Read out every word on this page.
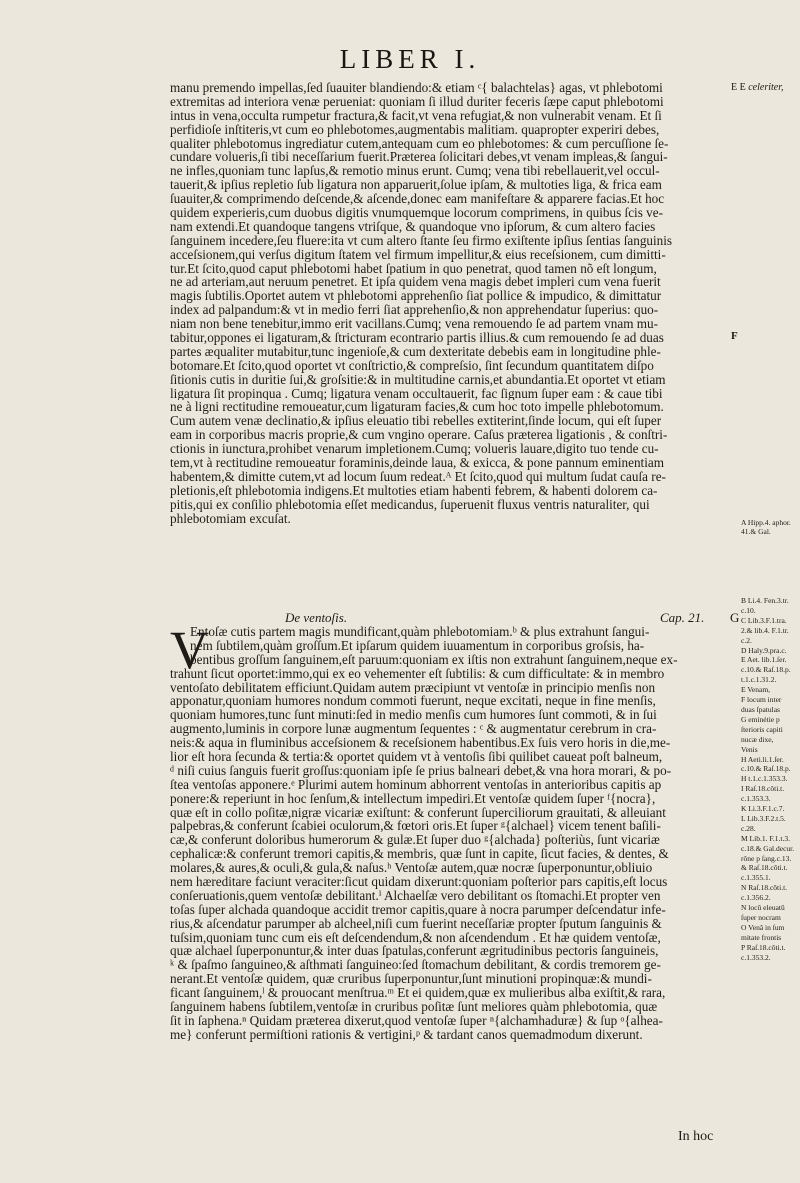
LIBER I.
E E celeriter,
manu premendo impellas,ſed ſuauiter blandiendo:& etiam ᶜ{ balachtelas} agas, vt phlebotomi
extremitas ad interiora venæ perueniat: quoniam ſi illud duriter feceris ſæpe caput phlebotomi
intus in vena,occulta rumpetur fractura,& facit,vt vena refugiat,& non vulnerabit venam. Et ſi
perfidioſe inſtiteris,vt cum eo phlebotomes,augmentabis malitiam. quapropter experiri debes,
qualiter phlebotomus ingrediatur cutem,antequam cum eo phlebotomes: & cum percuſſione ſe-
cundare volueris,ſi tibi neceſſarium fuerit.Præterea ſolicitari debes,vt venam impleas,& ſangui-
ne infles,quoniam tunc lapſus,& remotio minus erunt. Cumq; vena tibi rebellauerit,vel occul-
tauerit,& ipſius repletio ſub ligatura non apparuerit,ſolue ipſam, & multoties liga, & frica eam
ſuauiter,& comprimendo deſcende,& aſcende,donec eam manifeſtare & apparere facias.Et hoc
quidem experieris,cum duobus digitis vnumquemque locorum comprimens, in quibus ſcis ve-
nam extendi.Et quandoque tangens vtriſque, & quandoque vno ipſorum, & cum altero facies
ſanguinem incedere,ſeu fluere:ita vt cum altero ſtante ſeu firmo exiſtente ipſius ſentias ſanguinis
acceſsionem,qui verſus digitum ſtatem vel firmum impellitur,& eius receſsionem, cum dimitti-
tur.Et ſcito,quod caput phlebotomi habet ſpatium in quo penetrat, quod tamen nõ eſt longum,
ne ad arteriam,aut neruum penetret. Et ipſa quidem vena magis debet impleri cum vena fuerit
magis ſubtilis.Oportet autem vt phlebotomi apprehenſio ſiat pollice & impudico, & dimittatur
index ad palpandum:& vt in medio ferri ſiat apprehenſio,& non apprehendatur ſuperius: quo-
niam non bene tenebitur,immo erit vacillans.Cumq; vena remouendo ſe ad partem vnam mu-
tabitur,oppones ei ligaturam,& ſtricturam econtrario partis illius.& cum remouendo ſe ad duas
partes æqualiter mutabitur,tunc ingenioſe,& cum dexteritate debebis eam in longitudine phle-
botomare.Et ſcito,quod oportet vt conſtrictio,& compreſsio, ſint ſecundum quantitatem diſpo
ſitionis cutis in duritie ſui,& groſsitie:& in multitudine carnis,et abundantia.Et oportet vt etiam
ligatura ſit propinqua . Cumq; ligatura venam occultauerit, fac ſignum ſuper eam : & caue tibi
ne à ligni rectitudine remoueatur,cum ligaturam facies,& cum hoc toto impelle phlebotomum.
Cum autem venæ declinatio,& ipſius eleuatio tibi rebelles extiterint,ſinde locum, qui eſt ſuper
eam in corporibus macris proprie,& cum vngino operare. Caſus præterea ligationis , & conſtri-
ctionis in iunctura,prohibet venarum impletionem.Cumq; volueris lauare,digito tuo tende cu-
tem,vt à rectitudine remoueatur foraminis,deinde laua, & exicca, & pone pannum eminentiam
habentem,& dimitte cutem,vt ad locum ſuum redeat.ᴬ Et ſcito,quod qui multum ſudat cauſa re-
pletionis,eſt phlebotomia indigens.Et multoties etiam habenti febrem, & habenti dolorem ca-
pitis,qui ex conſilio phlebotomia eſſet medicandus, ſuperuenit fluxus ventris naturaliter, qui
phlebotomiam excuſat.
F
A Hipp.4. aphor.
41.& Gal.
De ventoſis.	Cap. 21. G
V
Entoſæ cutis partem magis mundificant,quàm phlebotomiam.ᵇ & plus extrahunt ſangui-
nem ſubtilem,quàm groſſum.Et ipſarum quidem iuuamentum in corporibus groſsis, ha-
bentibus groſſum ſanguinem,eſt paruum:quoniam ex iſtis non extrahunt ſanguinem,neque ex-
trahunt ſicut oportet:immo,qui ex eo vehementer eſt ſubtilis: & cum difficultate: & in membro
ventoſato debilitatem efficiunt.Quidam autem præcipiunt vt ventoſæ in principio menſis non
apponatur,quoniam humores nondum commoti fuerunt, neque excitati, neque in fine menſis,
quoniam humores,tunc ſunt minuti:ſed in medio menſis cum humores ſunt commoti, & in ſui
augmento,luminis in corpore lunæ augmentum ſequentes : ᶜ & augmentatur cerebrum in cra-
neis:& aqua in fluminibus acceſsionem & receſsionem habentibus.Ex ſuis vero horis in die,me-
lior eſt hora ſecunda & tertia:& oportet quidem vt à ventoſis ſibi quilibet caueat poſt balneum,
ᵈ niſi cuius ſanguis fuerit groſſus:quoniam ipſe ſe prius balneari debet,& vna hora morari, & po-
ſtea ventoſas apponere.ᵉ Plurimi autem hominum abhorrent ventoſas in anterioribus capitis ap
ponere:& reperiunt in hoc ſenſum,& intellectum impediri.Et ventoſæ quidem ſuper ᶠ{nocra},
quæ eſt in collo poſitæ,nigræ vicariæ exiſtunt: & conferunt ſuperciliorum grauitati, & alleuiant
palpebras,& conferunt ſcabiei oculorum,& fœtori oris.Et ſuper ᵍ{alchael} vicem tenent baſili-
cæ,& conferunt doloribus humerorum & gulæ.Et ſuper duo ᵍ{alchada} poſteriùs, ſunt vicariæ
cephalicæ:& conferunt tremori capitis,& membris, quæ ſunt in capite, ſicut facies, & dentes, &
molares,& aures,& oculi,& gula,& naſus.ʰ Ventoſæ autem,quæ nocræ ſuperponuntur,obliuio
nem hæreditare faciunt veraciter:ſicut quidam dixerunt:quoniam poſterior pars capitis,eſt locus
conſeruationis,quem ventoſæ debilitant.ⁱ Alchaelſæ vero debilitant os ſtomachi.Et propter ven
toſas ſuper alchada quandoque accidit tremor capitis,quare à nocra parumper deſcendatur infe-
rius,& aſcendatur parumper ab alcheel,niſi cum fuerint neceſſariæ propter ſputum ſanguinis &
tuſsim,quoniam tunc cum eis eſt deſcendendum,& non aſcendendum . Et hæ quidem ventoſæ,
quæ alchael ſuperponuntur,& inter duas ſpatulas,conferunt ægritudinibus pectoris ſanguineis,
ᵏ & ſpaſmo ſanguineo,& aſthmati ſanguineo:ſed ſtomachum debilitant, & cordis tremorem ge-
nerant.Et ventoſæ quidem, quæ cruribus ſuperponuntur,ſunt minutioni propinquæ:& mundi-
ficant ſanguinem,ˡ & prouocant menſtrua.ᵐ Et ei quidem,quæ ex mulieribus alba exiſtit,& rara,
ſanguinem habens ſubtilem,ventoſæ in cruribus poſitæ ſunt meliores quàm phlebotomia, quæ
ſit in ſaphena.ⁿ Quidam præterea dixerut,quod ventoſæ ſuper ⁿ{alchamhaduræ} & ſup ᵒ{alhea-
me} conferunt permiſtioni rationis & vertigini,ᵖ & tardant canos quemadmodum dixerunt.
B Li.4. Fen.3.tr.
c.10.
C Lib.3.F.1.tra.
2.& lib.4. F.1.tr.
c.2.
D Haly.9.pra.c.
E Aet. lib.1.ſer.
c.10.& Raſ.18.p.
t.1.c.1.31.2.
E Venam,
F locum inter
duas ſpatulas
G eminétie p
ſterioris capiti
nucæ dixe,
Venis
H Aeti.li.1.ſer.
c.10.& Raſ.18.p.
H t.1.c.1.353.3.
I Raſ.18.côti.t.
c.1.353.3.
K Li.3.F.1.c.7.
L Lib.3.F.2.t.5.
c.28.
M Lib.1. F.1.t.3.
c.18.& Gal.decur.
rône p ſang.c.13.
& Raſ.18.côti.t.
c.1.355.1.
N Raſ.18.côti.t.
c.1.356.2.
N locũ eleuatũ
ſuper nocram
O Venã in ſum
mitate frontis
P Raſ.18.côti.t.
c.1.353.2.
In hoc
